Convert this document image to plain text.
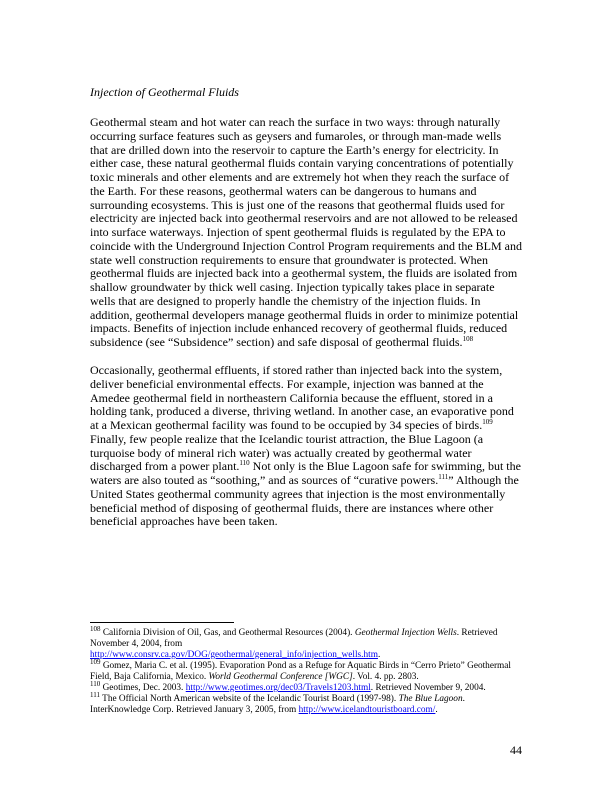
Injection of Geothermal Fluids

Geothermal steam and hot water can reach the surface in two ways: through naturally occurring surface features such as geysers and fumaroles, or through man-made wells that are drilled down into the reservoir to capture the Earth’s energy for electricity. In either case, these natural geothermal fluids contain varying concentrations of potentially toxic minerals and other elements and are extremely hot when they reach the surface of the Earth. For these reasons, geothermal waters can be dangerous to humans and surrounding ecosystems. This is just one of the reasons that geothermal fluids used for electricity are injected back into geothermal reservoirs and are not allowed to be released into surface waterways. Injection of spent geothermal fluids is regulated by the EPA to coincide with the Underground Injection Control Program requirements and the BLM and state well construction requirements to ensure that groundwater is protected. When geothermal fluids are injected back into a geothermal system, the fluids are isolated from shallow groundwater by thick well casing. Injection typically takes place in separate wells that are designed to properly handle the chemistry of the injection fluids. In addition, geothermal developers manage geothermal fluids in order to minimize potential impacts. Benefits of injection include enhanced recovery of geothermal fluids, reduced subsidence (see “Subsidence” section) and safe disposal of geothermal fluids.$^{108}$

Occasionally, geothermal effluents, if stored rather than injected back into the system, deliver beneficial environmental effects. For example, injection was banned at the Amedee geothermal field in northeastern California because the effluent, stored in a holding tank, produced a diverse, thriving wetland. In another case, an evaporative pond at a Mexican geothermal facility was found to be occupied by 34 species of birds.$^{109}$ Finally, few people realize that the Icelandic tourist attraction, the Blue Lagoon (a turquoise body of mineral rich water) was actually created by geothermal water discharged from a power plant.$^{110}$ Not only is the Blue Lagoon safe for swimming, but the waters are also touted as “soothing,” and as sources of “curative powers.$^{111}$” Although the United States geothermal community agrees that injection is the most environmentally beneficial method of disposing of geothermal fluids, there are instances where other beneficial approaches have been taken.

$^{108}$ California Division of Oil, Gas, and Geothermal Resources (2004). Geothermal Injection Wells. Retrieved November 4, 2004, from
http://www.consrv.ca.gov/DOG/geothermal/general_info/injection_wells.htm.

$^{109}$ Gomez, Maria C. et al. (1995). Evaporation Pond as a Refuge for Aquatic Birds in “Cerro Prieto” Geothermal Field, Baja California, Mexico. World Geothermal Conference [WGC]. Vol. 4. pp. 2803.

$^{110}$ Geotimes, Dec. 2003. http://www.geotimes.org/dec03/Travels1203.html. Retrieved November 9, 2004.

$^{111}$ The Official North American website of the Icelandic Tourist Board (1997-98). The Blue Lagoon. InterKnowledge Corp. Retrieved January 3, 2005, from http://www.icelandtouristboard.com/.

44
